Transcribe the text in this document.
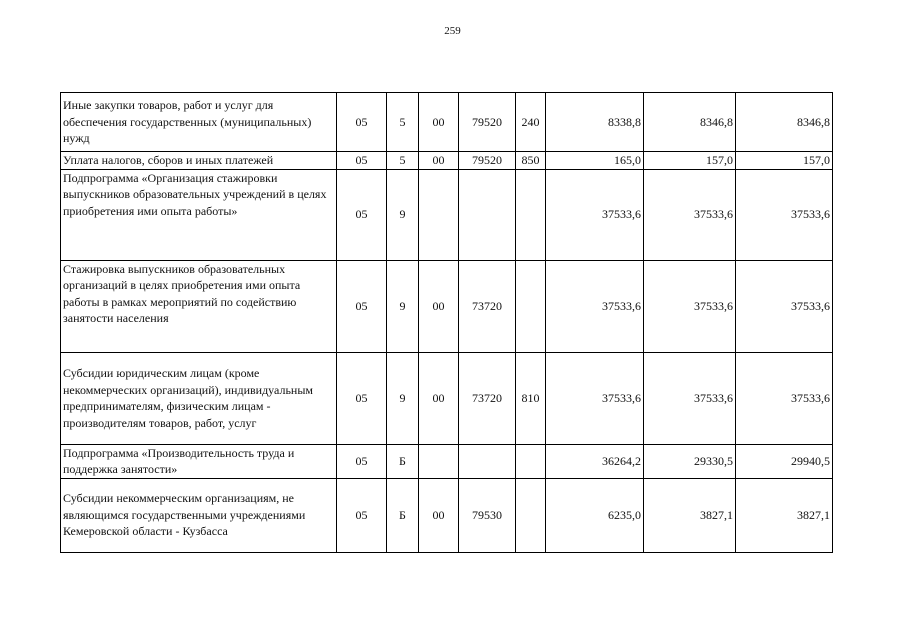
259
Иные закупки товаров, работ и услуг для обеспечения государственных (муниципальных) нужд	05	5	00	79520	240	8338,8	8346,8	8346,8
Уплата налогов, сборов и иных платежей	05	5	00	79520	850	165,0	157,0	157,0
Подпрограмма «Организация стажировки выпускников образовательных учреждений в целях приобретения ими опыта работы»	05	9				37533,6	37533,6	37533,6
Стажировка выпускников образовательных организаций в целях приобретения ими опыта работы в рамках мероприятий по содействию занятости населения	05	9	00	73720		37533,6	37533,6	37533,6
Субсидии юридическим лицам (кроме некоммерческих организаций), индивидуальным предпринимателям, физическим лицам - производителям товаров, работ, услуг	05	9	00	73720	810	37533,6	37533,6	37533,6
Подпрограмма «Производительность труда и поддержка занятости»	05	Б				36264,2	29330,5	29940,5
Субсидии некоммерческим организациям, не являющимся государственными учреждениями Кемеровской области - Кузбасса	05	Б	00	79530		6235,0	3827,1	3827,1
